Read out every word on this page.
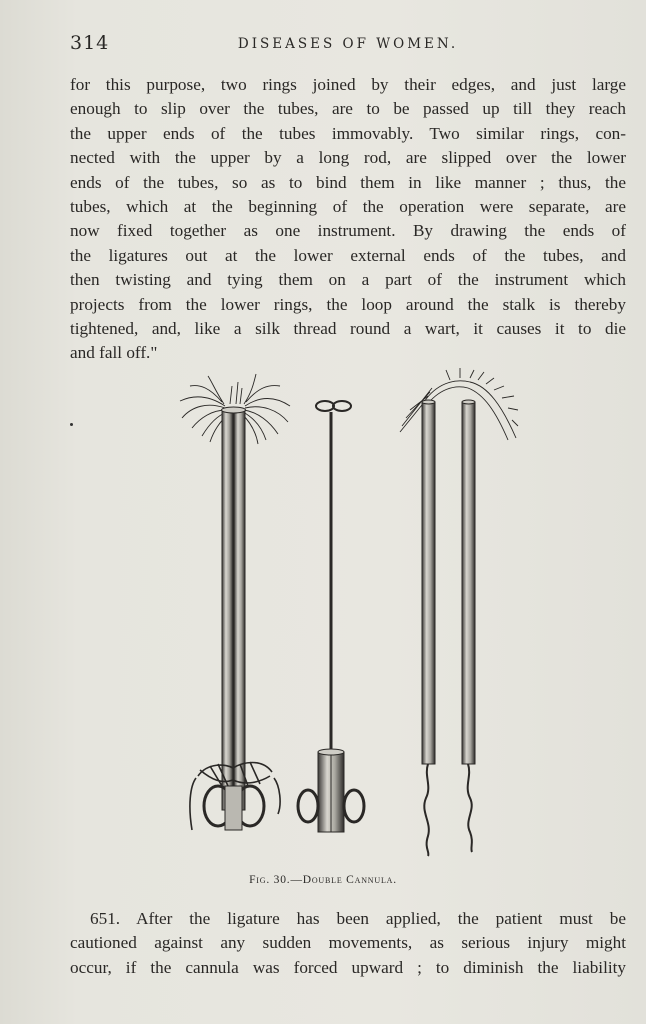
314	DISEASES OF WOMEN.
for this purpose, two rings joined by their edges, and just large
enough to slip over the tubes, are to be passed up till they reach
the upper ends of the tubes immovably. Two similar rings, con-
nected with the upper by a long rod, are slipped over the lower
ends of the tubes, so as to bind them in like manner ; thus, the
tubes, which at the beginning of the operation were separate, are
now fixed together as one instrument. By drawing the ends of
the ligatures out at the lower external ends of the tubes, and
then twisting and tying them on a part of the instrument which
projects from the lower rings, the loop around the stalk is thereby
tightened, and, like a silk thread round a wart, it causes it to die
and fall off."
Fig. 30.—Double Cannula.
651. After the ligature has been applied, the patient must be
cautioned against any sudden movements, as serious injury might
occur, if the cannula was forced upward ; to diminish the liability
